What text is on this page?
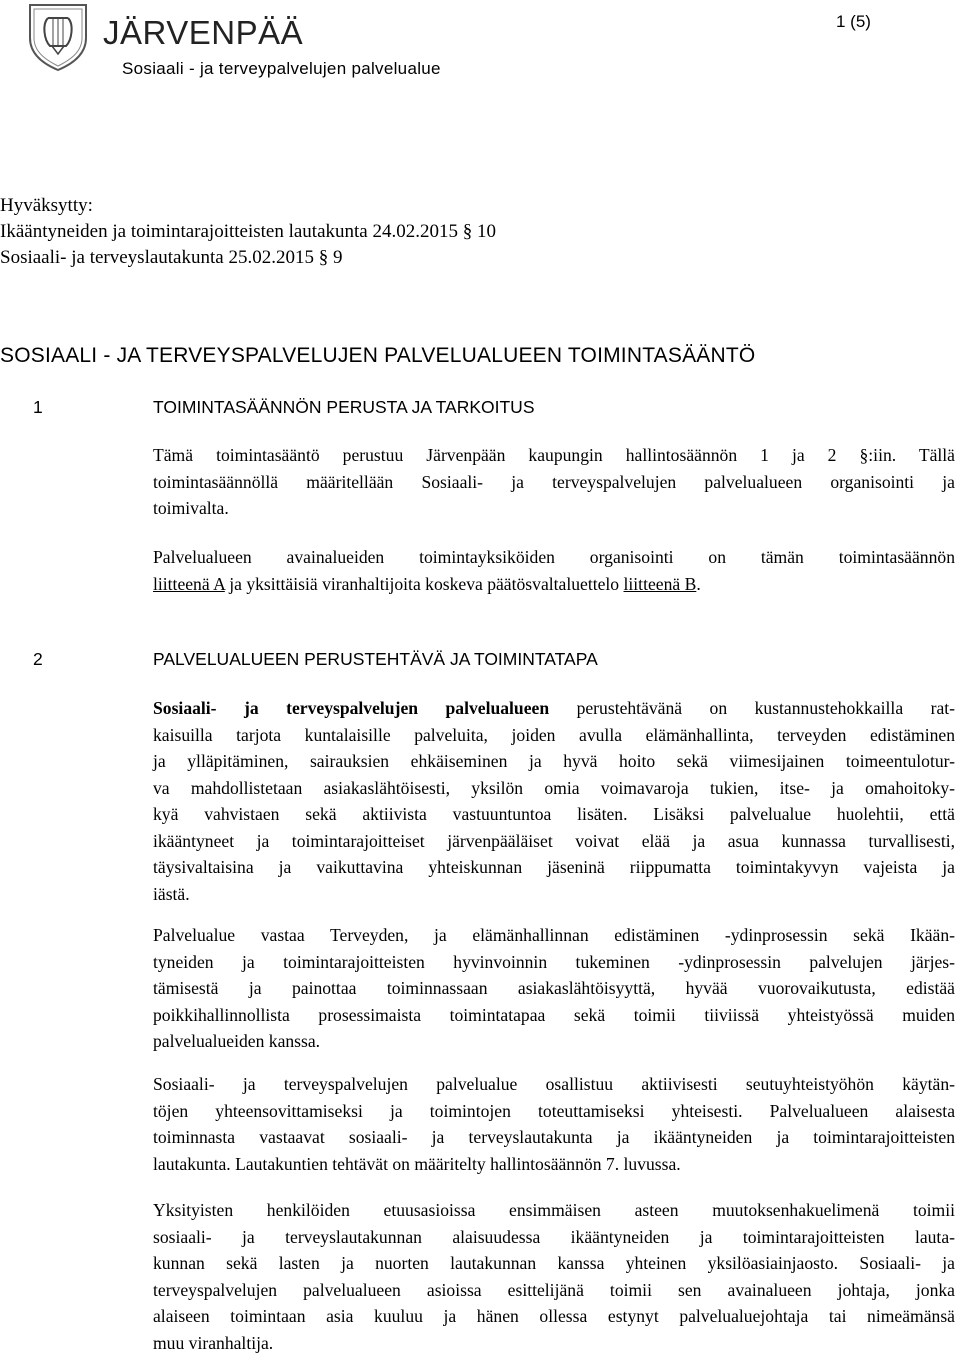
JÄRVENPÄÄ
Sosiaali - ja terveypalvelujen palvelualue
1 (5)
Hyväksytty:
Ikääntyneiden ja toimintarajoitteisten lautakunta 24.02.2015 § 10
Sosiaali- ja terveyslautakunta 25.02.2015 § 9
SOSIAALI - JA TERVEYSPALVELUJEN PALVELUALUEEN TOIMINTASÄÄNTÖ
1	TOIMINTASÄÄNNÖN PERUSTA JA TARKOITUS
Tämä toimintasääntö perustuu Järvenpään kaupungin hallintosäännön 1 ja 2 §:iin. Tällä
toimintasäännöllä määritellään Sosiaali- ja terveyspalvelujen palvelualueen organisointi ja
toimivalta.
Palvelualueen avainalueiden toimintayksiköiden organisointi on tämän toimintasäännön
liitteenä A ja yksittäisiä viranhaltijoita koskeva päätösvaltaluettelo liitteenä B.
2	PALVELUALUEEN PERUSTEHTÄVÄ JA TOIMINTATAPA
Sosiaali- ja terveyspalvelujen palvelualueen perustehtävänä on kustannustehokkailla rat-
kaisuilla tarjota kuntalaisille palveluita, joiden avulla elämänhallinta, terveyden edistäminen
ja ylläpitäminen, sairauksien ehkäiseminen ja hyvä hoito sekä viimesijainen toimeentulotur-
va mahdollistetaan asiakaslähtöisesti, yksilön omia voimavaroja tukien, itse- ja omahoitoky-
kyä vahvistaen sekä aktiivista vastuuntuntoa lisäten. Lisäksi palvelualue huolehtii, että
ikääntyneet ja toimintarajoitteiset järvenpääläiset voivat elää ja asua kunnassa turvallisesti,
täysivaltaisina ja vaikuttavina yhteiskunnan jäseninä riippumatta toimintakyvyn vajeista ja
iästä.
Palvelualue vastaa Terveyden, ja elämänhallinnan edistäminen -ydinprosessin sekä Ikään-
tyneiden ja toimintarajoitteisten hyvinvoinnin tukeminen -ydinprosessin palvelujen järjes-
tämisestä ja painottaa toiminnassaan asiakaslähtöisyyttä, hyvää vuorovaikutusta, edistää
poikkihallinnollista prosessimaista toimintatapaa sekä toimii tiiviissä yhteistyössä muiden
palvelualueiden kanssa.
Sosiaali- ja terveyspalvelujen palvelualue osallistuu aktiivisesti seutuyhteistyöhön käytän-
töjen yhteensovittamiseksi ja toimintojen toteuttamiseksi yhteisesti. Palvelualueen alaisesta
toiminnasta vastaavat sosiaali- ja terveyslautakunta ja ikääntyneiden ja toimintarajoitteisten
lautakunta. Lautakuntien tehtävät on määritelty hallintosäännön 7. luvussa.
Yksityisten henkilöiden etuusasioissa ensimmäisen asteen muutoksenhakuelimenä toimii
sosiaali- ja terveyslautakunnan alaisuudessa ikääntyneiden ja toimintarajoitteisten lauta-
kunnan sekä lasten ja nuorten lautakunnan kanssa yhteinen yksilöasiainjaosto. Sosiaali- ja
terveyspalvelujen palvelualueen asioissa esittelijänä toimii sen avainalueen johtaja, jonka
alaiseen toimintaan asia kuuluu ja hänen ollessa estynyt palvelualuejohtaja tai nimeämänsä
muu viranhaltija.
